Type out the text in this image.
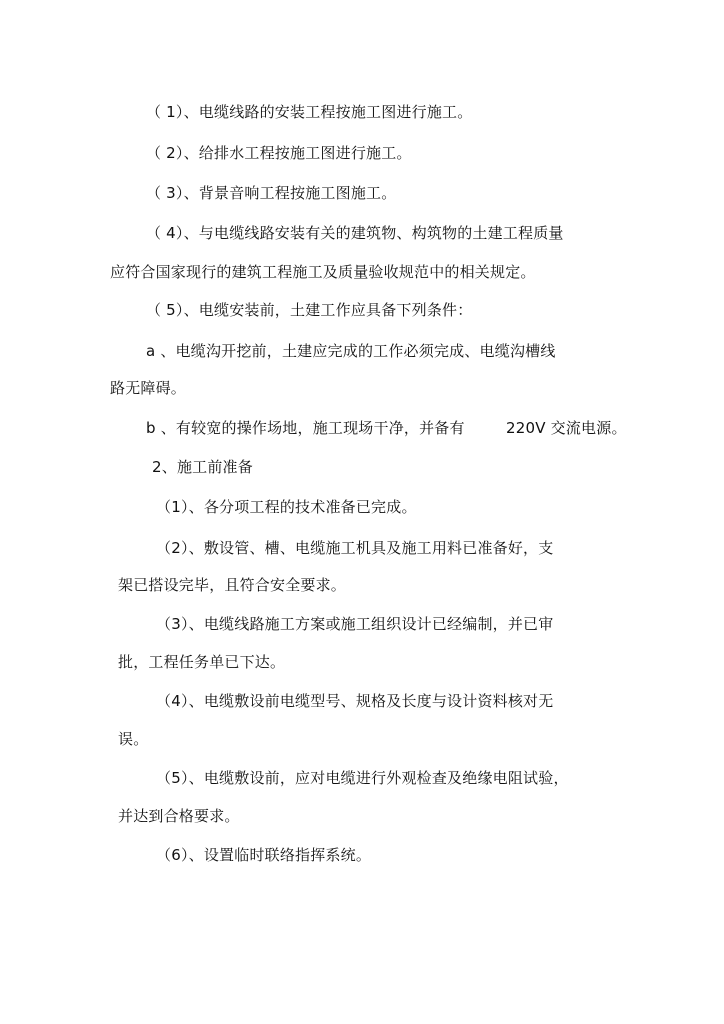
（ 1）、电缆线路的安装工程按施工图进行施工。
（ 2）、给排水工程按施工图进行施工。
（ 3）、背景音响工程按施工图施工。
（ 4）、与电缆线路安装有关的建筑物、构筑物的土建工程质量
应符合国家现行的建筑工程施工及质量验收规范中的相关规定。
（ 5）、电缆安装前，土建工作应具备下列条件：
a 、电缆沟开挖前，土建应完成的工作必须完成、电缆沟槽线
路无障碍。
b 、有较宽的操作场地，施工现场干净，并备有	220V 交流电源。
2、施工前准备
（1）、各分项工程的技术准备已完成。
（2）、敷设管、槽、电缆施工机具及施工用料已准备好，支
架已搭设完毕，且符合安全要求。
（3）、电缆线路施工方案或施工组织设计已经编制，并已审
批，工程任务单已下达。
（4）、电缆敷设前电缆型号、规格及长度与设计资料核对无
误。
（5）、电缆敷设前，应对电缆进行外观检查及绝缘电阻试验，
并达到合格要求。
（6）、设置临时联络指挥系统。
